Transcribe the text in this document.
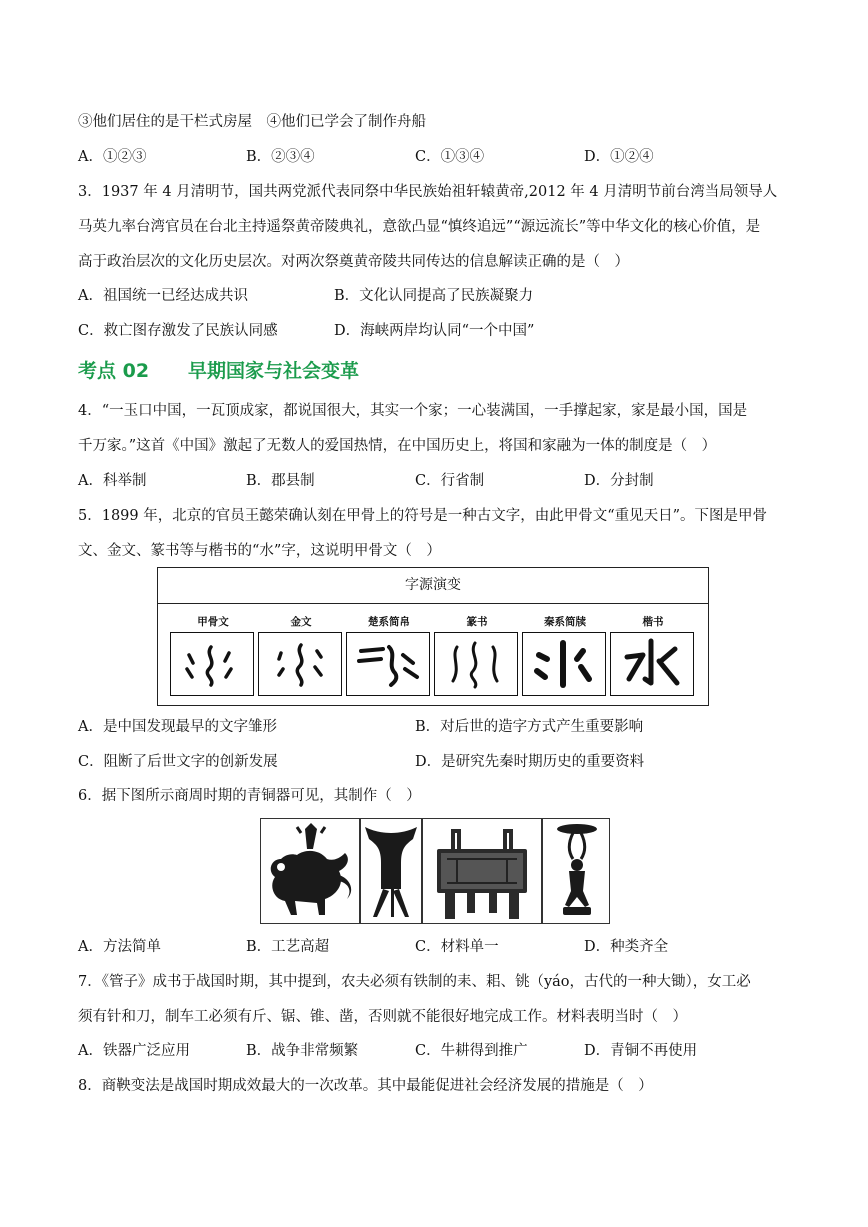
③他们居住的是干栏式房屋　④他们已学会了制作舟船
A．①②③	B．②③④	C．①③④	D．①②④
3．1937 年 4 月清明节，国共两党派代表同祭中华民族始祖轩辕黄帝,2012 年 4 月清明节前台湾当局领导人
马英九率台湾官员在台北主持遥祭黄帝陵典礼，意欲凸显“慎终追远”“源远流长”等中华文化的核心价值，是
高于政治层次的文化历史层次。对两次祭奠黄帝陵共同传达的信息解读正确的是（　）
A．祖国统一已经达成共识	B．文化认同提高了民族凝聚力
C．救亡图存激发了民族认同感	D．海峡两岸均认同“一个中国”
考点 02 早期国家与社会变革
4．“一玉口中国，一瓦顶成家，都说国很大，其实一个家；一心装满国，一手撑起家，家是最小国，国是
千万家。”这首《中国》激起了无数人的爱国热情，在中国历史上，将国和家融为一体的制度是（　）
A．科举制	B．郡县制	C．行省制	D．分封制
5．1899 年，北京的官员王懿荣确认刻在甲骨上的符号是一种古文字，由此甲骨文“重见天日”。下图是甲骨
文、金文、篆书等与楷书的“水”字，这说明甲骨文（　）
字源演变
甲骨文	金文	楚系简帛	篆书	秦系简牍	楷书
A．是中国发现最早的文字雏形	B．对后世的造字方式产生重要影响
C．阻断了后世文字的创新发展	D．是研究先秦时期历史的重要资料
6．据下图所示商周时期的青铜器可见，其制作（　）
A．方法简单	B．工艺高超	C．材料单一	D．种类齐全
7．《管子》成书于战国时期，其中提到，农夫必须有铁制的耒、耜、铫（yáo，古代的一种大锄），女工必
须有针和刀，制车工必须有斤、锯、锥、凿，否则就不能很好地完成工作。材料表明当时（　）
A．铁器广泛应用	B．战争非常频繁	C．牛耕得到推广	D．青铜不再使用
8．商鞅变法是战国时期成效最大的一次改革。其中最能促进社会经济发展的措施是（　）
